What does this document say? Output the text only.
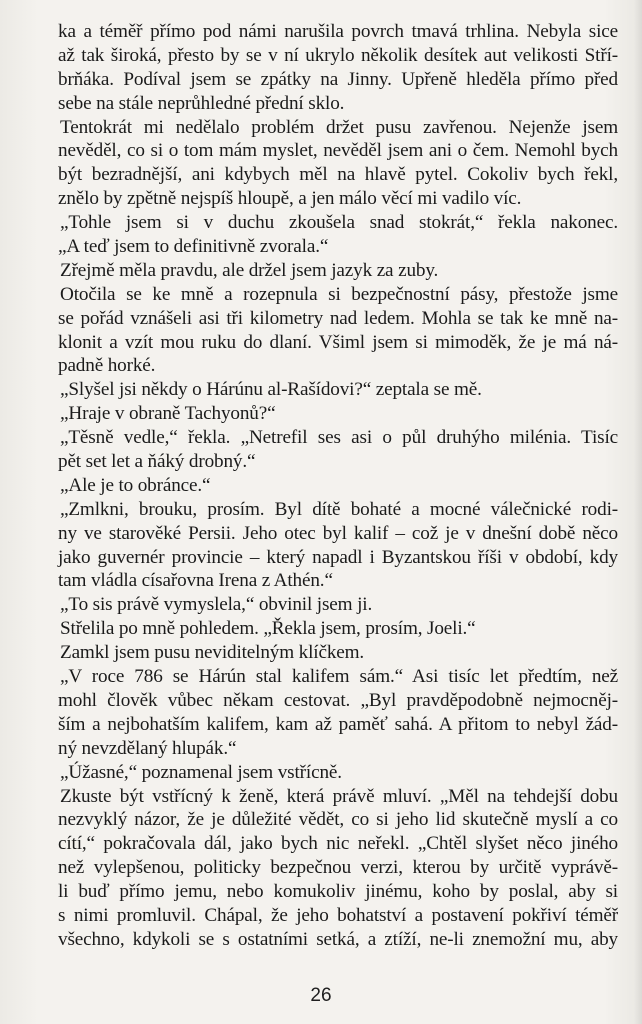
ka a téměř přímo pod námi narušila povrch tmavá trhlina. Nebyla sice
až tak široká, přesto by se v ní ukrylo několik desítek aut velikosti Stří-
brňáka. Podíval jsem se zpátky na Jinny. Upřeně hleděla přímo před
sebe na stále neprůhledné přední sklo.
Tentokrát mi nedělalo problém držet pusu zavřenou. Nejenže jsem
nevěděl, co si o tom mám myslet, nevěděl jsem ani o čem. Nemohl bych
být bezradnější, ani kdybych měl na hlavě pytel. Cokoliv bych řekl,
znělo by zpětně nejspíš hloupě, a jen málo věcí mi vadilo víc.
„Tohle jsem si v duchu zkoušela snad stokrát,“ řekla nakonec.
„A teď jsem to definitivně zvorala.“
Zřejmě měla pravdu, ale držel jsem jazyk za zuby.
Otočila se ke mně a rozepnula si bezpečnostní pásy, přestože jsme
se pořád vznášeli asi tři kilometry nad ledem. Mohla se tak ke mně na-
klonit a vzít mou ruku do dlaní. Všiml jsem si mimoděk, že je má ná-
padně horké.
„Slyšel jsi někdy o Hárúnu al-Rašídovi?“ zeptala se mě.
„Hraje v obraně Tachyonů?“
„Těsně vedle,“ řekla. „Netrefil ses asi o půl druhýho milénia. Tisíc
pět set let a ňáký drobný.“
„Ale je to obránce.“
„Zmlkni, brouku, prosím. Byl dítě bohaté a mocné válečnické rodi-
ny ve starověké Persii. Jeho otec byl kalif – což je v dnešní době něco
jako guvernér provincie – který napadl i Byzantskou říši v období, kdy
tam vládla císařovna Irena z Athén.“
„To sis právě vymyslela,“ obvinil jsem ji.
Střelila po mně pohledem. „Řekla jsem, prosím, Joeli.“
Zamkl jsem pusu neviditelným klíčkem.
„V roce 786 se Hárún stal kalifem sám.“ Asi tisíc let předtím, než
mohl člověk vůbec někam cestovat. „Byl pravděpodobně nejmocněj-
ším a nejbohatším kalifem, kam až paměť sahá. A přitom to nebyl žád-
ný nevzdělaný hlupák.“
„Úžasné,“ poznamenal jsem vstřícně.
Zkuste být vstřícný k ženě, která právě mluví. „Měl na tehdejší dobu
nezvyklý názor, že je důležité vědět, co si jeho lid skutečně myslí a co
cítí,“ pokračovala dál, jako bych nic neřekl. „Chtěl slyšet něco jiného
než vylepšenou, politicky bezpečnou verzi, kterou by určitě vyprávě-
li buď přímo jemu, nebo komukoliv jinému, koho by poslal, aby si
s nimi promluvil. Chápal, že jeho bohatství a postavení pokřiví téměř
všechno, kdykoli se s ostatními setká, a ztíží, ne-li znemožní mu, aby
26
